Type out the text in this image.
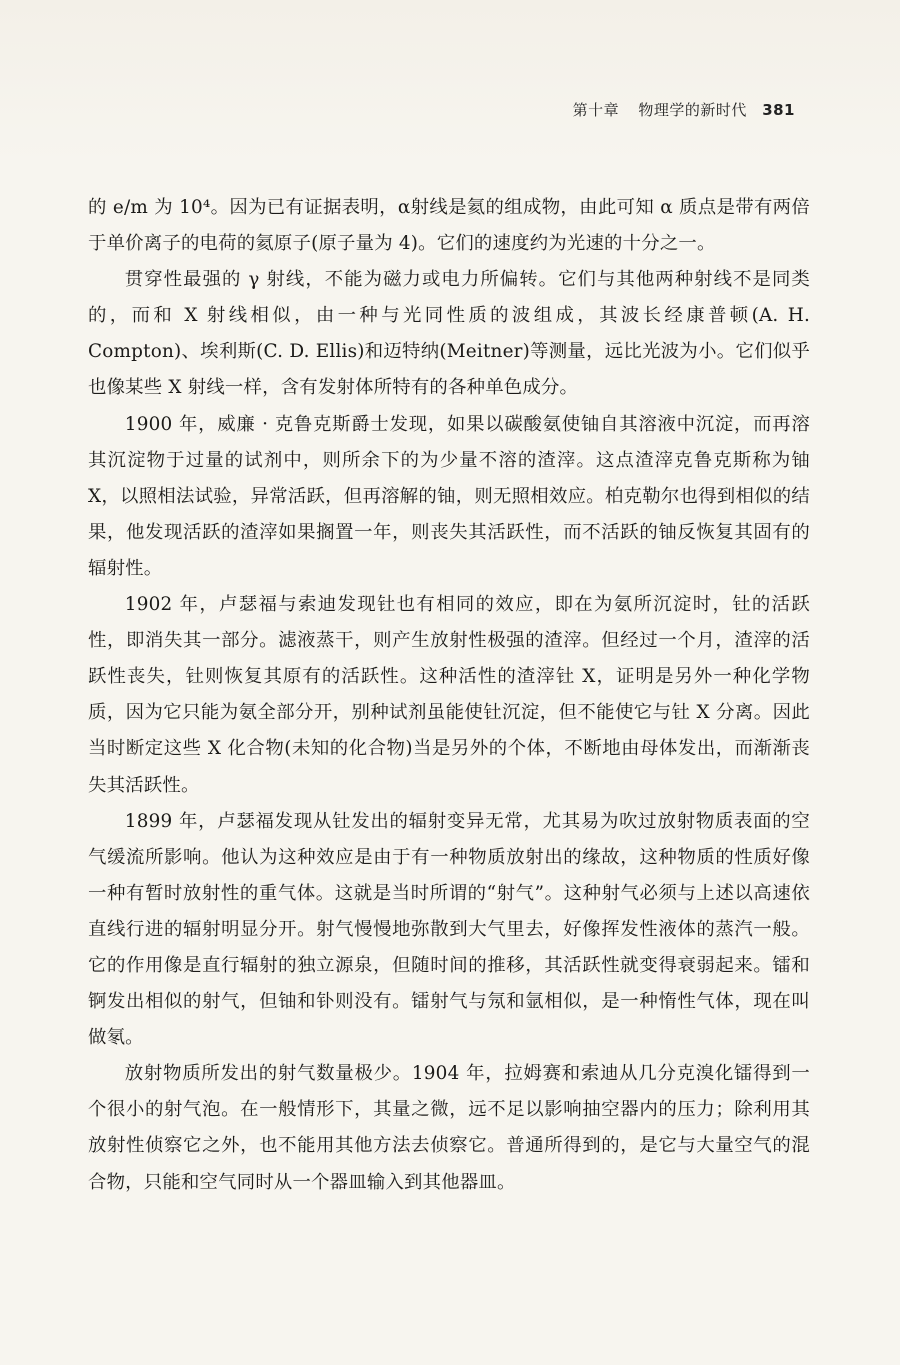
第十章 物理学的新时代 381

的 e/m 为 10⁴。因为已有证据表明，α射线是氦的组成物，由此可知 α 质点是带有两倍于单价离子的电荷的氦原子(原子量为 4)。它们的速度约为光速的十分之一。

贯穿性最强的 γ 射线，不能为磁力或电力所偏转。它们与其他两种射线不是同类的，而和 X 射线相似，由一种与光同性质的波组成，其波长经康普顿(A. H. Compton)、埃利斯(C. D. Ellis)和迈特纳(Meitner)等测量，远比光波为小。它们似乎也像某些 X 射线一样，含有发射体所特有的各种单色成分。

1900 年，威廉 · 克鲁克斯爵士发现，如果以碳酸氨使铀自其溶液中沉淀，而再溶其沉淀物于过量的试剂中，则所余下的为少量不溶的渣滓。这点渣滓克鲁克斯称为铀 X，以照相法试验，异常活跃，但再溶解的铀，则无照相效应。柏克勒尔也得到相似的结果，他发现活跃的渣滓如果搁置一年，则丧失其活跃性，而不活跃的铀反恢复其固有的辐射性。

1902 年，卢瑟福与索迪发现钍也有相同的效应，即在为氨所沉淀时，钍的活跃性，即消失其一部分。滤液蒸干，则产生放射性极强的渣滓。但经过一个月，渣滓的活跃性丧失，钍则恢复其原有的活跃性。这种活性的渣滓钍 X，证明是另外一种化学物质，因为它只能为氨全部分开，别种试剂虽能使钍沉淀，但不能使它与钍 X 分离。因此当时断定这些 X 化合物(未知的化合物)当是另外的个体，不断地由母体发出，而渐渐丧失其活跃性。

1899 年，卢瑟福发现从钍发出的辐射变异无常，尤其易为吹过放射物质表面的空气缓流所影响。他认为这种效应是由于有一种物质放射出的缘故，这种物质的性质好像一种有暂时放射性的重气体。这就是当时所谓的“射气”。这种射气必须与上述以高速依直线行进的辐射明显分开。射气慢慢地弥散到大气里去，好像挥发性液体的蒸汽一般。它的作用像是直行辐射的独立源泉，但随时间的推移，其活跃性就变得衰弱起来。镭和锕发出相似的射气，但铀和钋则没有。镭射气与氖和氩相似，是一种惰性气体，现在叫做氡。

放射物质所发出的射气数量极少。1904 年，拉姆赛和索迪从几分克溴化镭得到一个很小的射气泡。在一般情形下，其量之微，远不足以影响抽空器内的压力；除利用其放射性侦察它之外，也不能用其他方法去侦察它。普通所得到的，是它与大量空气的混合物，只能和空气同时从一个器皿输入到其他器皿。
